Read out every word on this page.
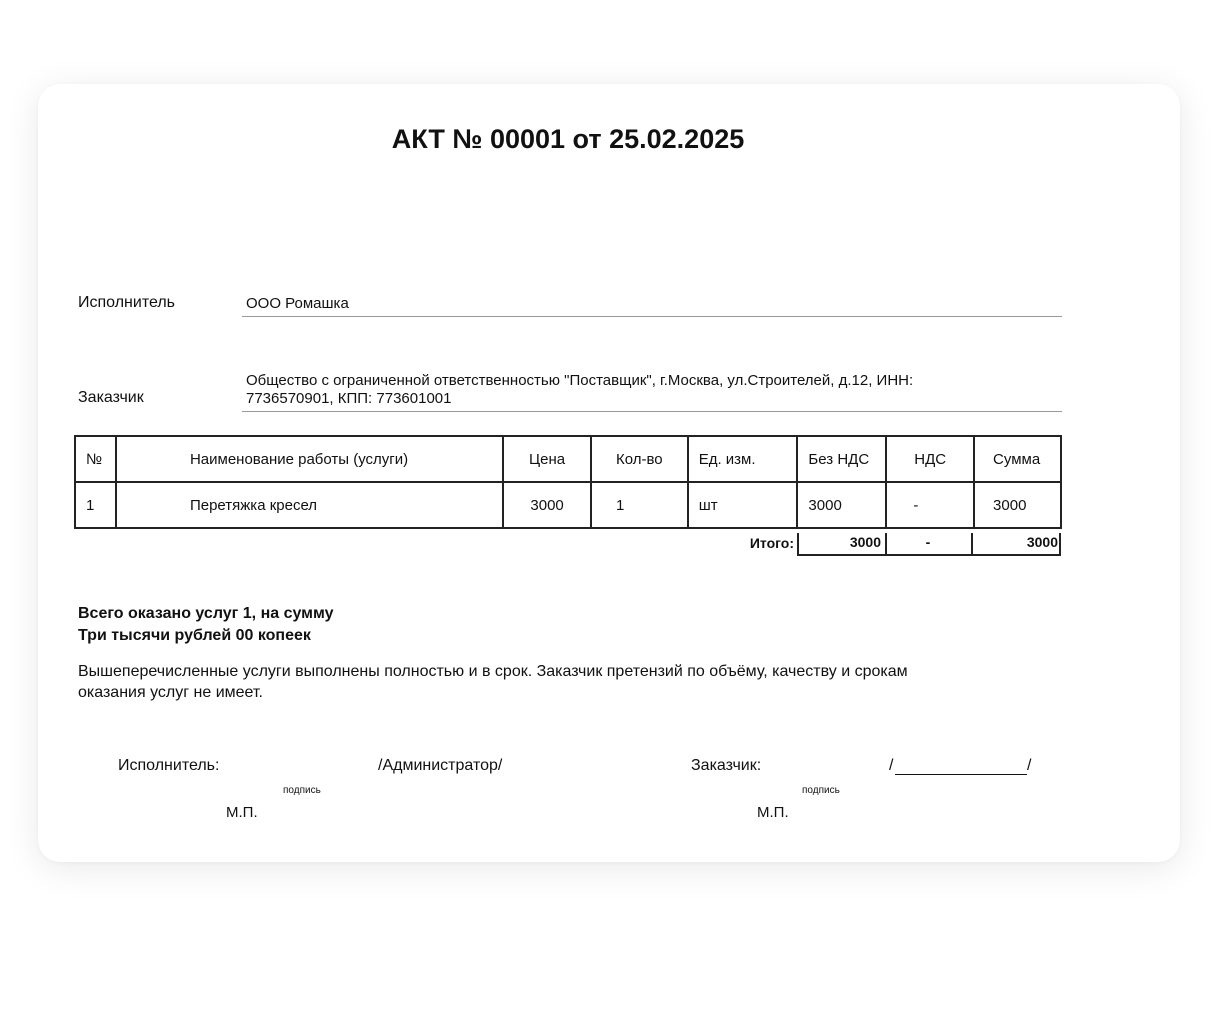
АКТ № 00001 от 25.02.2025
Исполнитель	ООО Ромашка
Заказчик
Общество с ограниченной ответственностью "Поставщик", г.Москва, ул.Строителей, д.12, ИНН:
7736570901, КПП: 773601001
№	Наименование работы (услуги)	Цена	Кол-во	Ед. изм.	Без НДС	НДС	Сумма
1	Перетяжка кресел	3000	1	шт	3000	-	3000
Итого:	3000	-	3000
Всего оказано услуг 1, на сумму
Три тысячи рублей 00 копеек
Вышеперечисленные услуги выполнены полностью и в срок. Заказчик претензий по объёму, качеству и срокам
оказания услуг не имеет.
Исполнитель:	/Администратор/
подпись
М.П.
Заказчик:	/	/
подпись
М.П.
